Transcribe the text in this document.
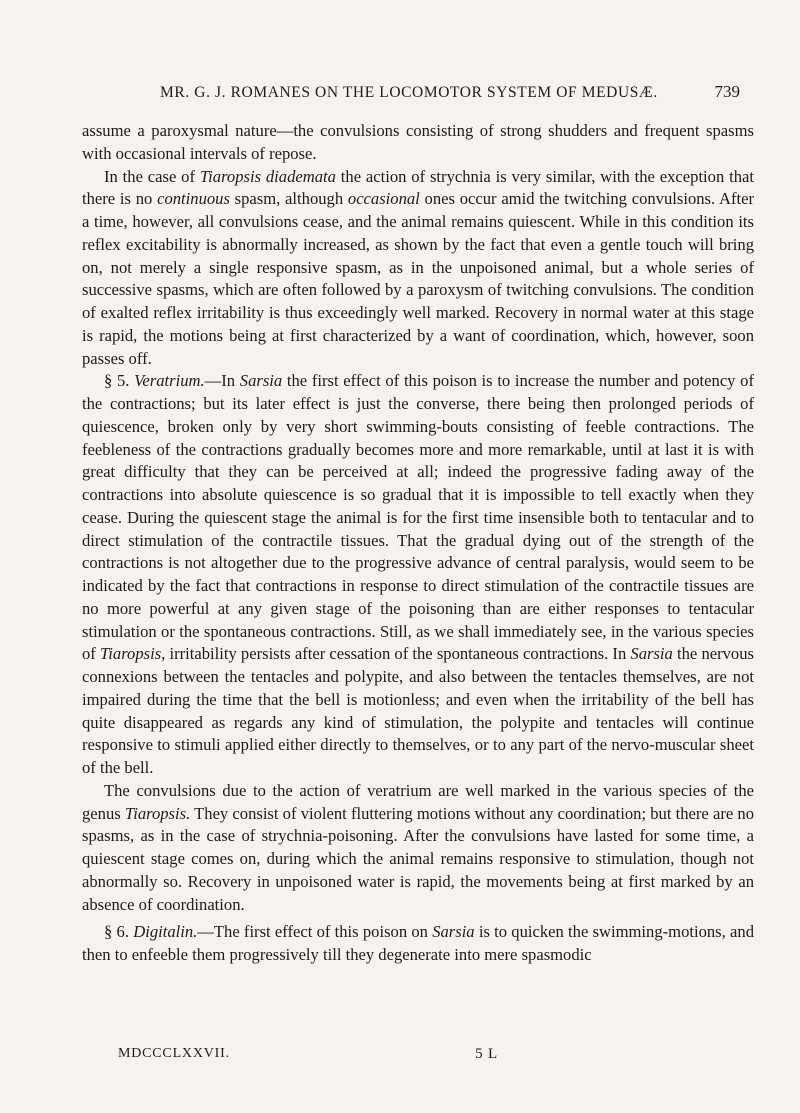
MR. G. J. ROMANES ON THE LOCOMOTOR SYSTEM OF MEDUSÆ.	739

assume a paroxysmal nature—the convulsions consisting of strong shudders and frequent spasms with occasional intervals of repose.

In the case of Tiaropsis diademata the action of strychnia is very similar, with the exception that there is no continuous spasm, although occasional ones occur amid the twitching convulsions. After a time, however, all convulsions cease, and the animal remains quiescent. While in this condition its reflex excitability is abnormally increased, as shown by the fact that even a gentle touch will bring on, not merely a single responsive spasm, as in the unpoisoned animal, but a whole series of successive spasms, which are often followed by a paroxysm of twitching convulsions. The condition of exalted reflex irritability is thus exceedingly well marked. Recovery in normal water at this stage is rapid, the motions being at first characterized by a want of coordination, which, however, soon passes off.

§ 5. Veratrium.—In Sarsia the first effect of this poison is to increase the number and potency of the contractions; but its later effect is just the converse, there being then prolonged periods of quiescence, broken only by very short swimming-bouts consisting of feeble contractions. The feebleness of the contractions gradually becomes more and more remarkable, until at last it is with great difficulty that they can be perceived at all; indeed the progressive fading away of the contractions into absolute quiescence is so gradual that it is impossible to tell exactly when they cease. During the quiescent stage the animal is for the first time insensible both to tentacular and to direct stimulation of the contractile tissues. That the gradual dying out of the strength of the contractions is not altogether due to the progressive advance of central paralysis, would seem to be indicated by the fact that contractions in response to direct stimulation of the contractile tissues are no more powerful at any given stage of the poisoning than are either responses to tentacular stimulation or the spontaneous contractions. Still, as we shall immediately see, in the various species of Tiaropsis, irritability persists after cessation of the spontaneous contractions. In Sarsia the nervous connexions between the tentacles and polypite, and also between the tentacles themselves, are not impaired during the time that the bell is motionless; and even when the irritability of the bell has quite disappeared as regards any kind of stimulation, the polypite and tentacles will continue responsive to stimuli applied either directly to themselves, or to any part of the nervo-muscular sheet of the bell.

The convulsions due to the action of veratrium are well marked in the various species of the genus Tiaropsis. They consist of violent fluttering motions without any coordination; but there are no spasms, as in the case of strychnia-poisoning. After the convulsions have lasted for some time, a quiescent stage comes on, during which the animal remains responsive to stimulation, though not abnormally so. Recovery in unpoisoned water is rapid, the movements being at first marked by an absence of coordination.

§ 6. Digitalin.—The first effect of this poison on Sarsia is to quicken the swimming-motions, and then to enfeeble them progressively till they degenerate into mere spasmodic

MDCCCLXXVII.	5 L
